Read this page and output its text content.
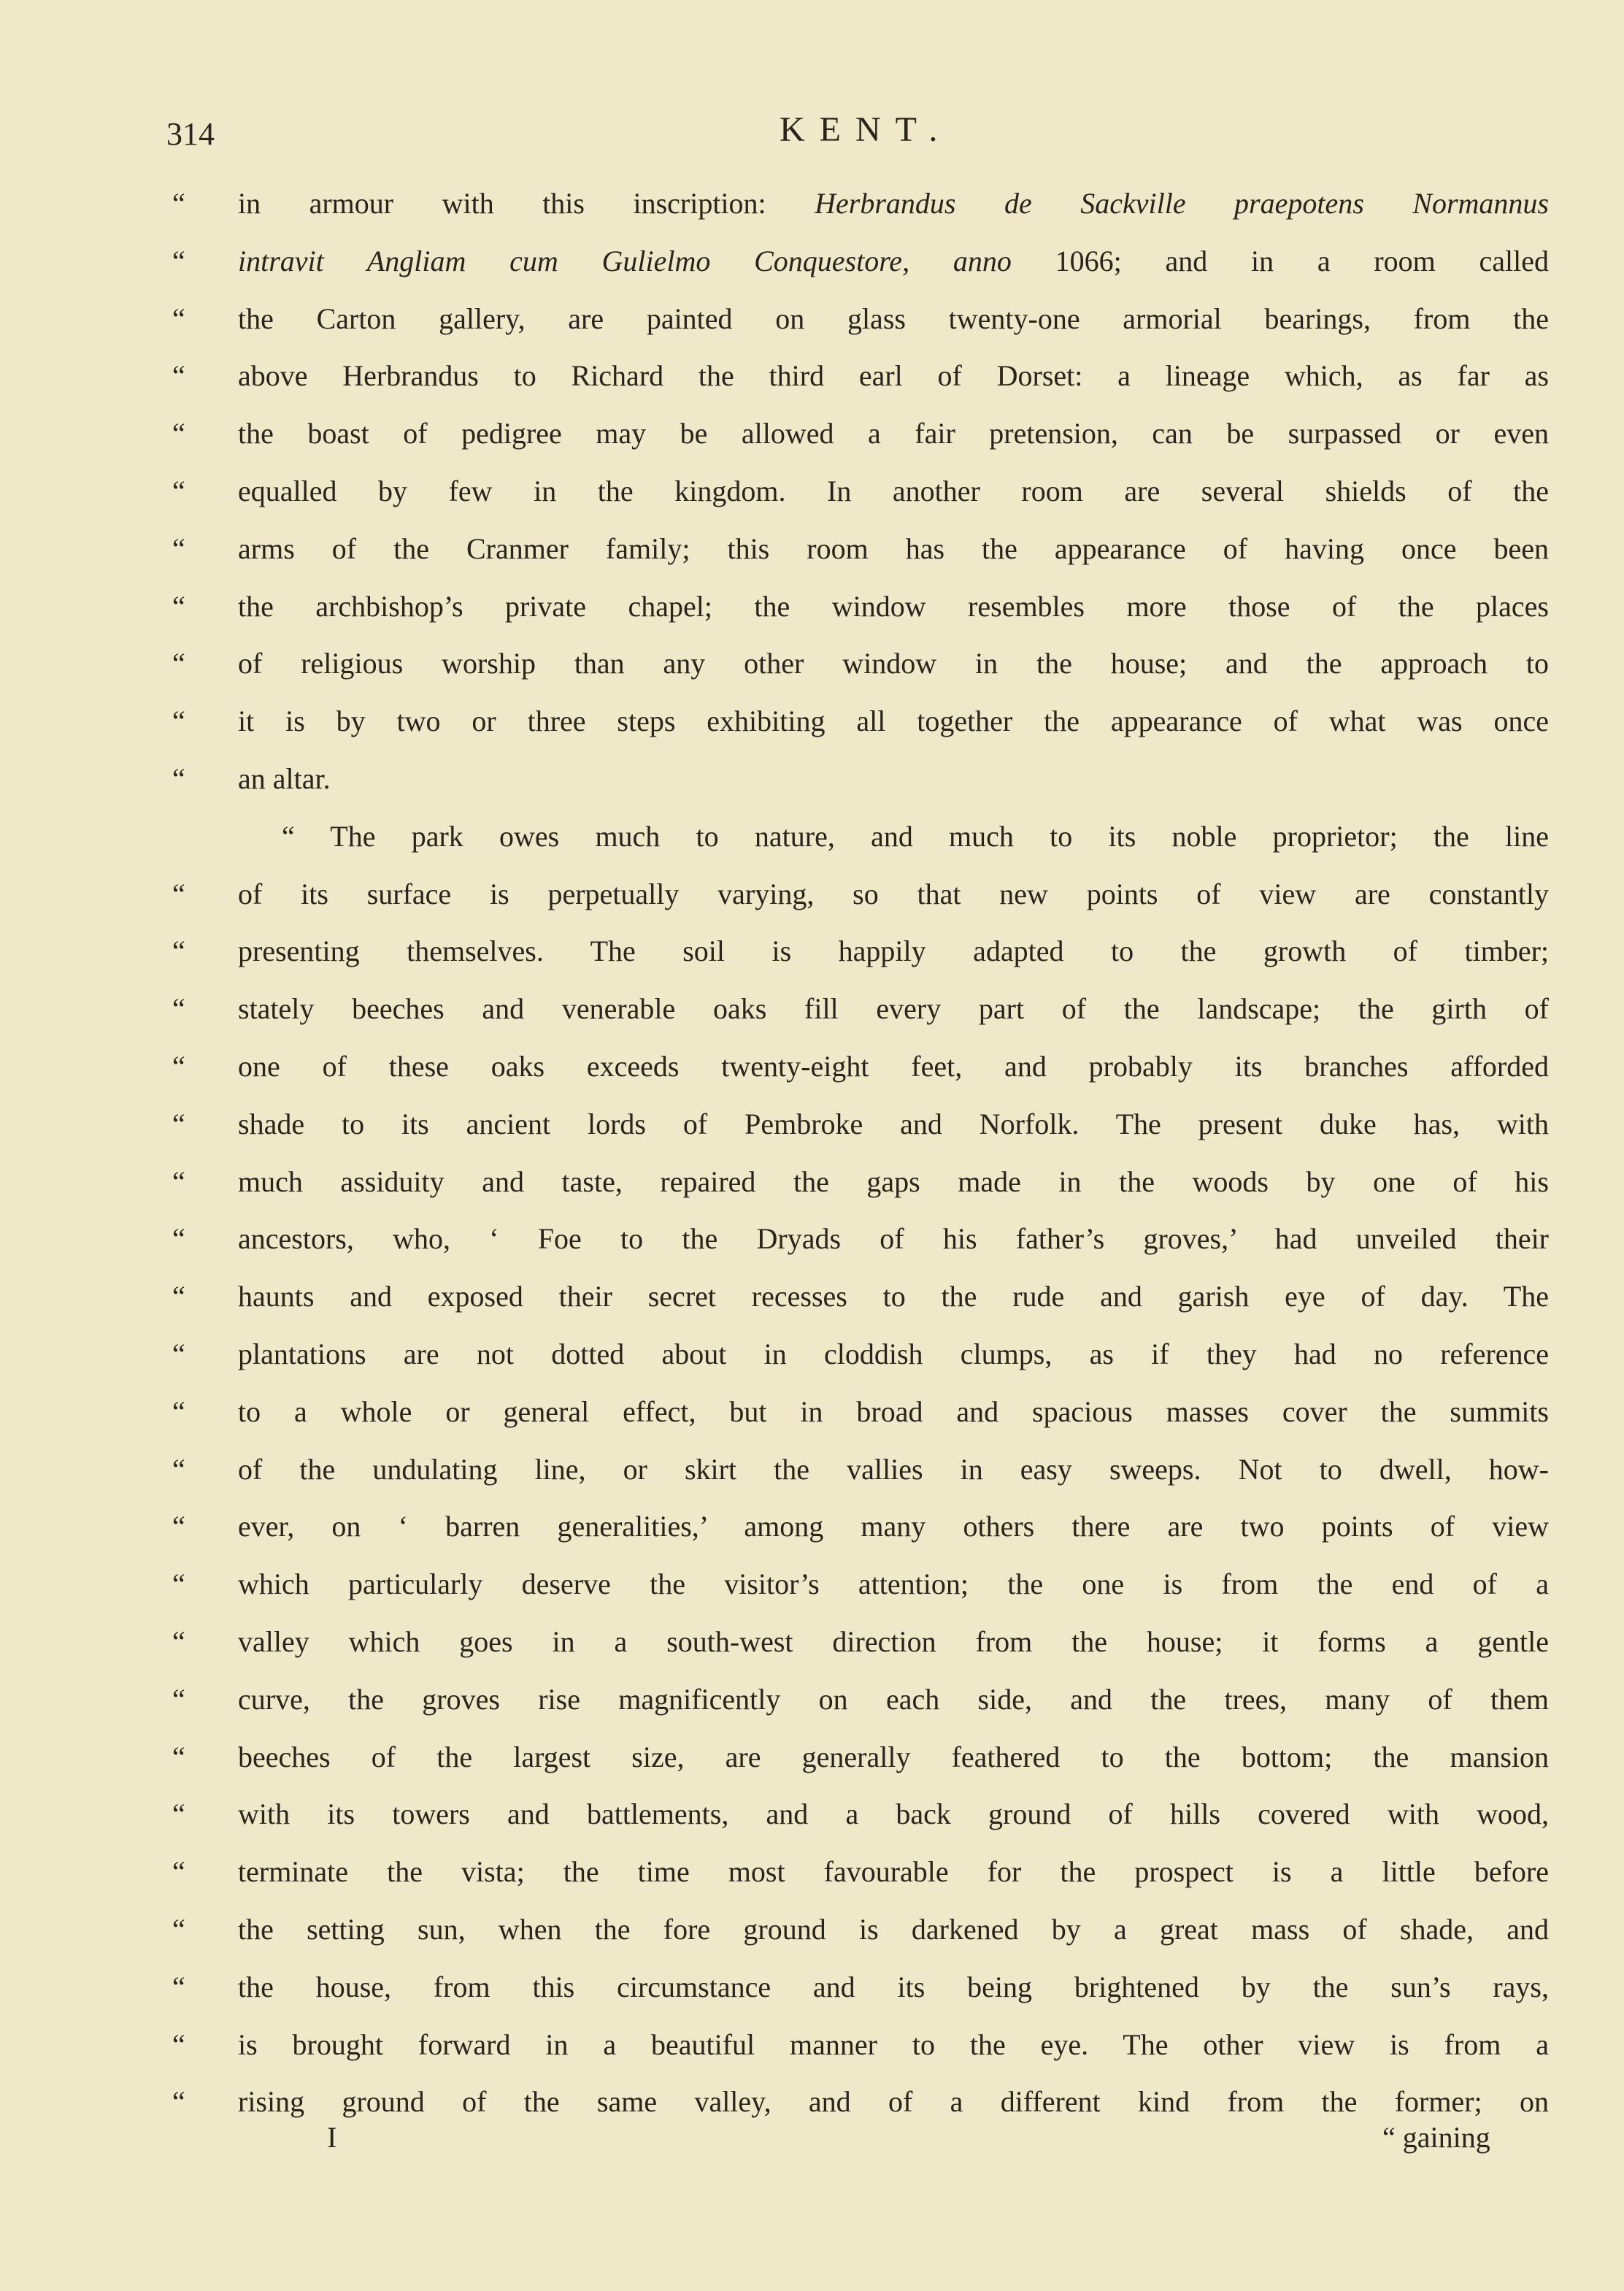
314	KENT.
“	in armour with this inscription: Herbrandus de Sackville praepotens Normannus
“	intravit Angliam cum Gulielmo Conquestore, anno 1066; and in a room called
“	the Carton gallery, are painted on glass twenty-one armorial bearings, from the
“	above Herbrandus to Richard the third earl of Dorset: a lineage which, as far as
“	the boast of pedigree may be allowed a fair pretension, can be surpassed or even
“	equalled by few in the kingdom. In another room are several shields of the
“	arms of the Cranmer family; this room has the appearance of having once been
“	the archbishop’s private chapel; the window resembles more those of the places
“	of religious worship than any other window in the house; and the approach to
“	it is by two or three steps exhibiting all together the appearance of what was once
“	an altar.
“ The park owes much to nature, and much to its noble proprietor; the line
“	of its surface is perpetually varying, so that new points of view are constantly
“	presenting themselves. The soil is happily adapted to the growth of timber;
“	stately beeches and venerable oaks fill every part of the landscape; the girth of
“	one of these oaks exceeds twenty-eight feet, and probably its branches afforded
“	shade to its ancient lords of Pembroke and Norfolk. The present duke has, with
“	much assiduity and taste, repaired the gaps made in the woods by one of his
“	ancestors, who, ‘ Foe to the Dryads of his father’s groves,’ had unveiled their
“	haunts and exposed their secret recesses to the rude and garish eye of day. The
“	plantations are not dotted about in cloddish clumps, as if they had no reference
“	to a whole or general effect, but in broad and spacious masses cover the summits
“	of the undulating line, or skirt the vallies in easy sweeps. Not to dwell, how-
“	ever, on ‘ barren generalities,’ among many others there are two points of view
“	which particularly deserve the visitor’s attention; the one is from the end of a
“	valley which goes in a south-west direction from the house; it forms a gentle
“	curve, the groves rise magnificently on each side, and the trees, many of them
“	beeches of the largest size, are generally feathered to the bottom; the mansion
“	with its towers and battlements, and a back ground of hills covered with wood,
“	terminate the vista; the time most favourable for the prospect is a little before
“	the setting sun, when the fore ground is darkened by a great mass of shade, and
“	the house, from this circumstance and its being brightened by the sun’s rays,
“	is brought forward in a beautiful manner to the eye. The other view is from a
“	rising ground of the same valley, and of a different kind from the former; on
I	“ gaining
